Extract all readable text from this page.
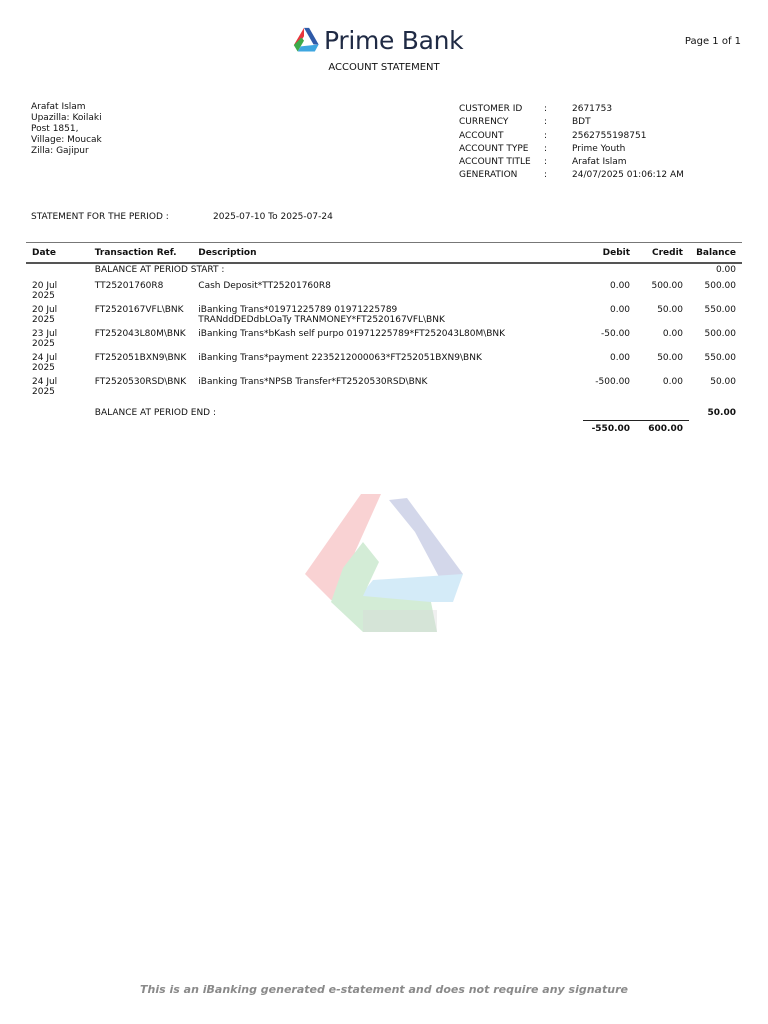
Prime Bank	Page 1 of 1
ACCOUNT STATEMENT
Arafat Islam
Upazilla: Koilaki
Post 1851,
Village: Moucak
Zilla: Gajipur
CUSTOMER ID	:	2671753
CURRENCY	:	BDT
ACCOUNT	:	2562755198751
ACCOUNT TYPE	:	Prime Youth
ACCOUNT TITLE	:	Arafat Islam
GENERATION	:	24/07/2025 01:06:12 AM
STATEMENT FOR THE PERIOD :	2025-07-10 To 2025-07-24
Date	Transaction Ref.	Description	Debit	Credit	Balance
	BALANCE AT PERIOD START :				0.00
20 Jul 2025	TT25201760R8	Cash Deposit*TT25201760R8	0.00	500.00	500.00
20 Jul 2025	FT2520167VFL\BNK	iBanking Trans*01971225789 01971225789 TRANddDEDdbLOaTy TRANMONEY*FT2520167VFL\BNK	0.00	50.00	550.00
23 Jul 2025	FT252043L80M\BNK	iBanking Trans*bKash self purpo 01971225789*FT252043L80M\BNK	-50.00	0.00	500.00
24 Jul 2025	FT252051BXN9\BNK	iBanking Trans*payment 2235212000063*FT252051BXN9\BNK	0.00	50.00	550.00
24 Jul 2025	FT2520530RSD\BNK	iBanking Trans*NPSB Transfer*FT2520530RSD\BNK	-500.00	0.00	50.00
	BALANCE AT PERIOD END :				50.00
			-550.00	600.00	
This is an iBanking generated e-statement and does not require any signature
